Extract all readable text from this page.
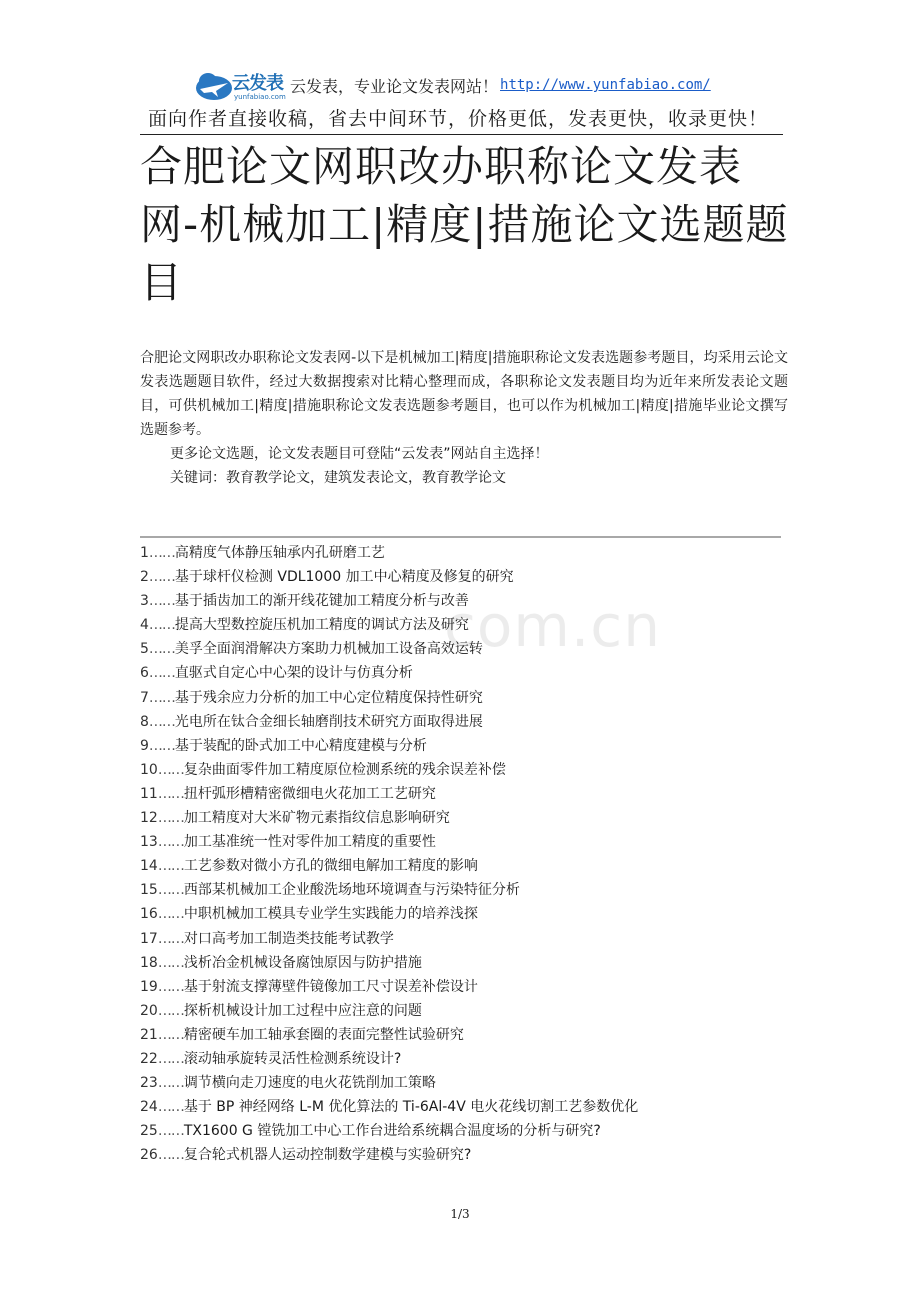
云发表
yunfabiao.com
云发表，专业论文发表网站！ http://www.yunfabiao.com/
面向作者直接收稿，省去中间环节，价格更低，发表更快，收录更快！
合肥论文网职改办职称论文发表网-机械加工|精度|措施论文选题题目

合肥论文网职改办职称论文发表网-以下是机械加工|精度|措施职称论文发表选题参考题目，均采用云论文发表选题题目软件，经过大数据搜索对比精心整理而成，各职称论文发表题目均为近年来所发表论文题目，可供机械加工|精度|措施职称论文发表选题参考题目，也可以作为机械加工|精度|措施毕业论文撰写选题参考。

更多论文选题，论文发表题目可登陆“云发表”网站自主选择！

关键词：教育教学论文，建筑发表论文，教育教学论文

1……高精度气体静压轴承内孔研磨工艺
2……基于球杆仪检测 VDL1000 加工中心精度及修复的研究
3……基于插齿加工的渐开线花键加工精度分析与改善
4……提高大型数控旋压机加工精度的调试方法及研究
5……美孚全面润滑解决方案助力机械加工设备高效运转
6……直驱式自定心中心架的设计与仿真分析
7……基于残余应力分析的加工中心定位精度保持性研究
8……光电所在钛合金细长轴磨削技术研究方面取得进展
9……基于装配的卧式加工中心精度建模与分析
10……复杂曲面零件加工精度原位检测系统的残余误差补偿
11……扭杆弧形槽精密微细电火花加工工艺研究
12……加工精度对大米矿物元素指纹信息影响研究
13……加工基准统一性对零件加工精度的重要性
14……工艺参数对微小方孔的微细电解加工精度的影响
15……西部某机械加工企业酸洗场地环境调查与污染特征分析
16……中职机械加工模具专业学生实践能力的培养浅探
17……对口高考加工制造类技能考试教学
18……浅析冶金机械设备腐蚀原因与防护措施
19……基于射流支撑薄壁件镜像加工尺寸误差补偿设计
20……探析机械设计加工过程中应注意的问题
21……精密硬车加工轴承套圈的表面完整性试验研究
22……滚动轴承旋转灵活性检测系统设计?
23……调节横向走刀速度的电火花铣削加工策略
24……基于 BP 神经网络 L-M 优化算法的 Ti-6Al-4V 电火花线切割工艺参数优化
25……TX1600 G 镗铣加工中心工作台进给系统耦合温度场的分析与研究?
26……复合轮式机器人运动控制数学建模与实验研究?
com.cn
1/3
